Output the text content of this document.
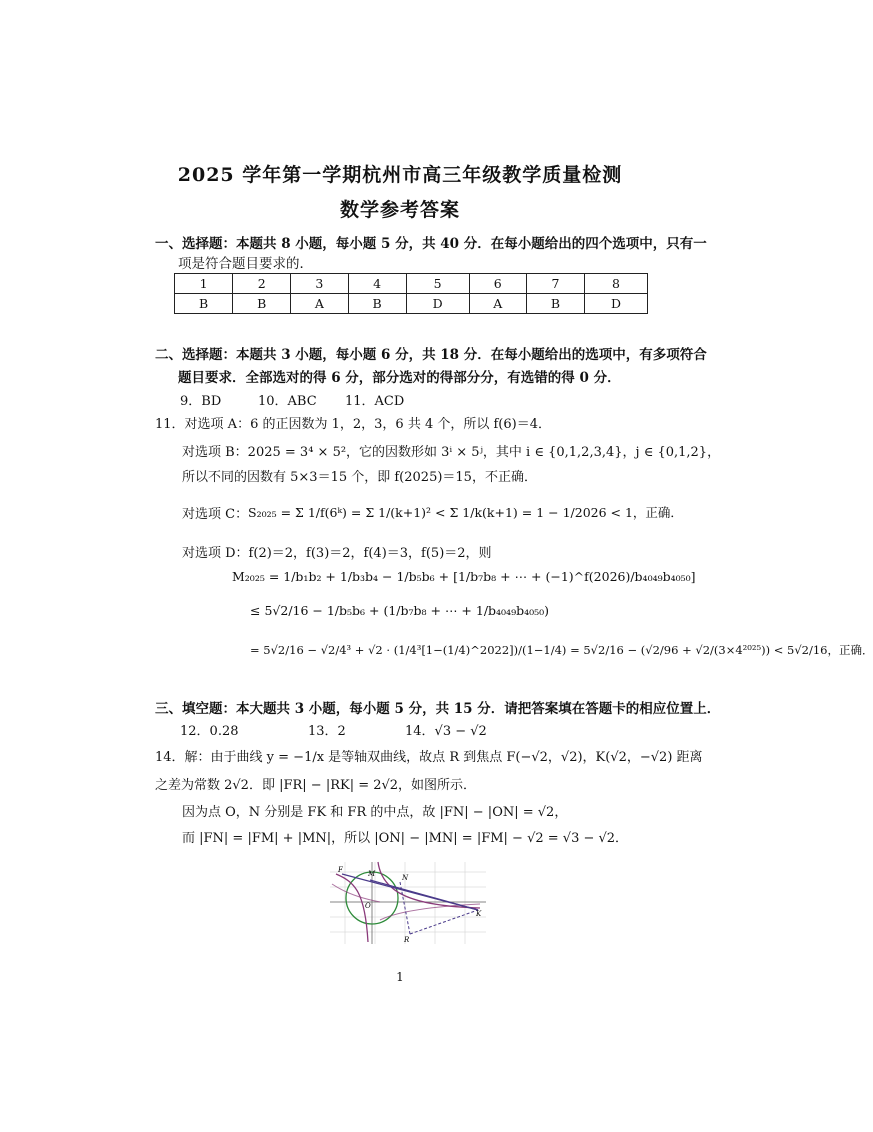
2025 学年第一学期杭州市高三年级教学质量检测
数学参考答案
一、选择题：本题共 8 小题，每小题 5 分，共 40 分．在每小题给出的四个选项中，只有一
项是符合题目要求的．
1	2	3	4	5	6	7	8
B	B	A	B	D	A	B	D
二、选择题：本题共 3 小题，每小题 6 分，共 18 分．在每小题给出的选项中，有多项符合
题目要求．全部选对的得 6 分，部分选对的得部分分，有选错的得 0 分．
9．BD	10．ABC 11．ACD
11．对选项 A：6 的正因数为 1，2，3，6 共 4 个，所以 f(6)＝4．
对选项 B：2025 = 3⁴ × 5²，它的因数形如 3ⁱ × 5ʲ，其中 i ∈ {0,1,2,3,4}，j ∈ {0,1,2}，
所以不同的因数有 5×3＝15 个，即 f(2025)＝15，不正确．
对选项 C： S₂₀₂₅ = Σ 1/f(6ᵏ) = Σ 1/(k+1)² < Σ 1/k(k+1) = 1 − 1/2026 < 1，正确．
对选项 D：f(2)＝2，f(3)＝2，f(4)＝3，f(5)＝2，则
M₂₀₂₅ = 1/b₁b₂ + 1/b₃b₄ − 1/b₅b₆ + [1/b₇b₈ + ⋯ + (−1)^f(2026)/b₄₀₄₉b₄₀₅₀]
≤ 5√2/16 − 1/b₅b₆ + (1/b₇b₈ + ⋯ + 1/b₄₀₄₉b₄₀₅₀)
= 5√2/16 − √2/4³ + √2 · (1/4³[1−(1/4)^2022])/(1−1/4) = 5√2/16 − (√2/96 + √2/(3×4²⁰²⁵)) < 5√2/16，正确．
三、填空题：本大题共 3 小题，每小题 5 分，共 15 分．请把答案填在答题卡的相应位置上．
12．0.28	13．2	14．√3 − √2
14．解：由于曲线 y = −1/x 是等轴双曲线，故点 R 到焦点 F(−√2，√2)，K(√2，−√2) 距离
之差为常数 2√2．即 |FR| − |RK| = 2√2，如图所示．
因为点 O，N 分别是 FK 和 FR 的中点，故 |FN| − |ON| = √2，
而 |FN| = |FM| + |MN|，所以 |ON| − |MN| = |FM| − √2 = √3 − √2．
F	M	N
O
K
R
1
